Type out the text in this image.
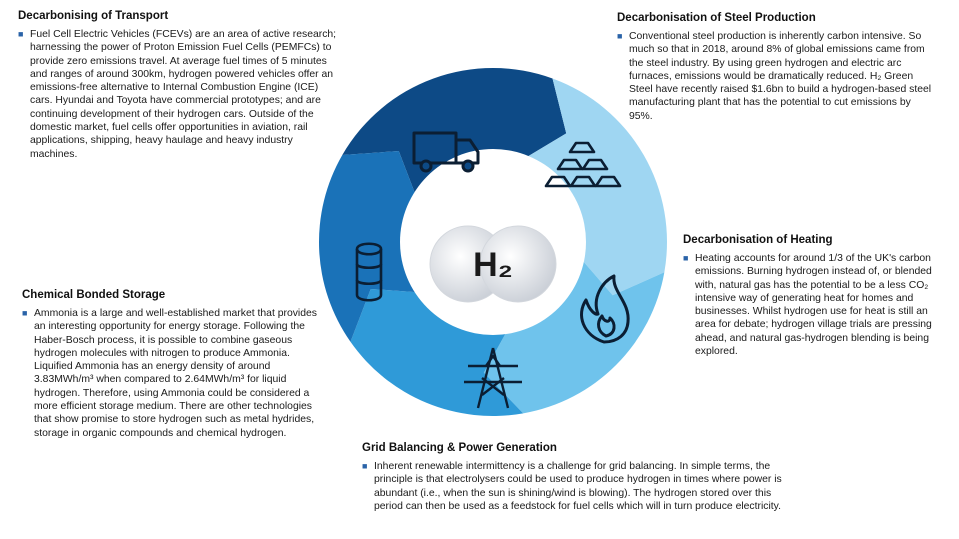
Decarbonising of Transport
■ Fuel Cell Electric Vehicles (FCEVs) are an area of active research; harnessing the power of Proton Emission Fuel Cells (PEMFCs) to provide zero emissions travel. At average fuel times of 5 minutes and ranges of around 300km, hydrogen powered vehicles offer an emissions-free alternative to Internal Combustion Engine (ICE) cars. Hyundai and Toyota have commercial prototypes; and are continuing development of their hydrogen cars. Outside of the domestic market, fuel cells offer opportunities in aviation, rail applications, shipping, heavy haulage and heavy industry machines.
Decarbonisation of Steel Production
■ Conventional steel production is inherently carbon intensive. So much so that in 2018, around 8% of global emissions came from the steel industry. By using green hydrogen and electric arc furnaces, emissions would be dramatically reduced. H₂ Green Steel have recently raised $1.6bn to build a hydrogen-based steel manufacturing plant that has the potential to cut emissions by 95%.
Decarbonisation of Heating
■ Heating accounts for around 1/3 of the UK's carbon emissions. Burning hydrogen instead of, or blended with, natural gas has the potential to be a less CO₂ intensive way of generating heat for homes and businesses. Whilst hydrogen use for heat is still an area for debate; hydrogen village trials are pressing ahead, and natural gas-hydrogen blending is being explored.
Chemical Bonded Storage
■ Ammonia is a large and well-established market that provides an interesting opportunity for energy storage. Following the Haber-Bosch process, it is possible to combine gaseous hydrogen molecules with nitrogen to produce Ammonia. Liquified Ammonia has an energy density of around 3.83MWh/m³ when compared to 2.64MWh/m³ for liquid hydrogen. Therefore, using Ammonia could be considered a more efficient storage medium. There are other technologies that show promise to store hydrogen such as metal hydrides, storage in organic compounds and chemical hydrogen.
Grid Balancing & Power Generation
■ Inherent renewable intermittency is a challenge for grid balancing. In simple terms, the principle is that electrolysers could be used to produce hydrogen in times where power is abundant (i.e., when the sun is shining/wind is blowing). The hydrogen stored over this period can then be used as a feedstock for fuel cells which will in turn produce electricity.
H₂
